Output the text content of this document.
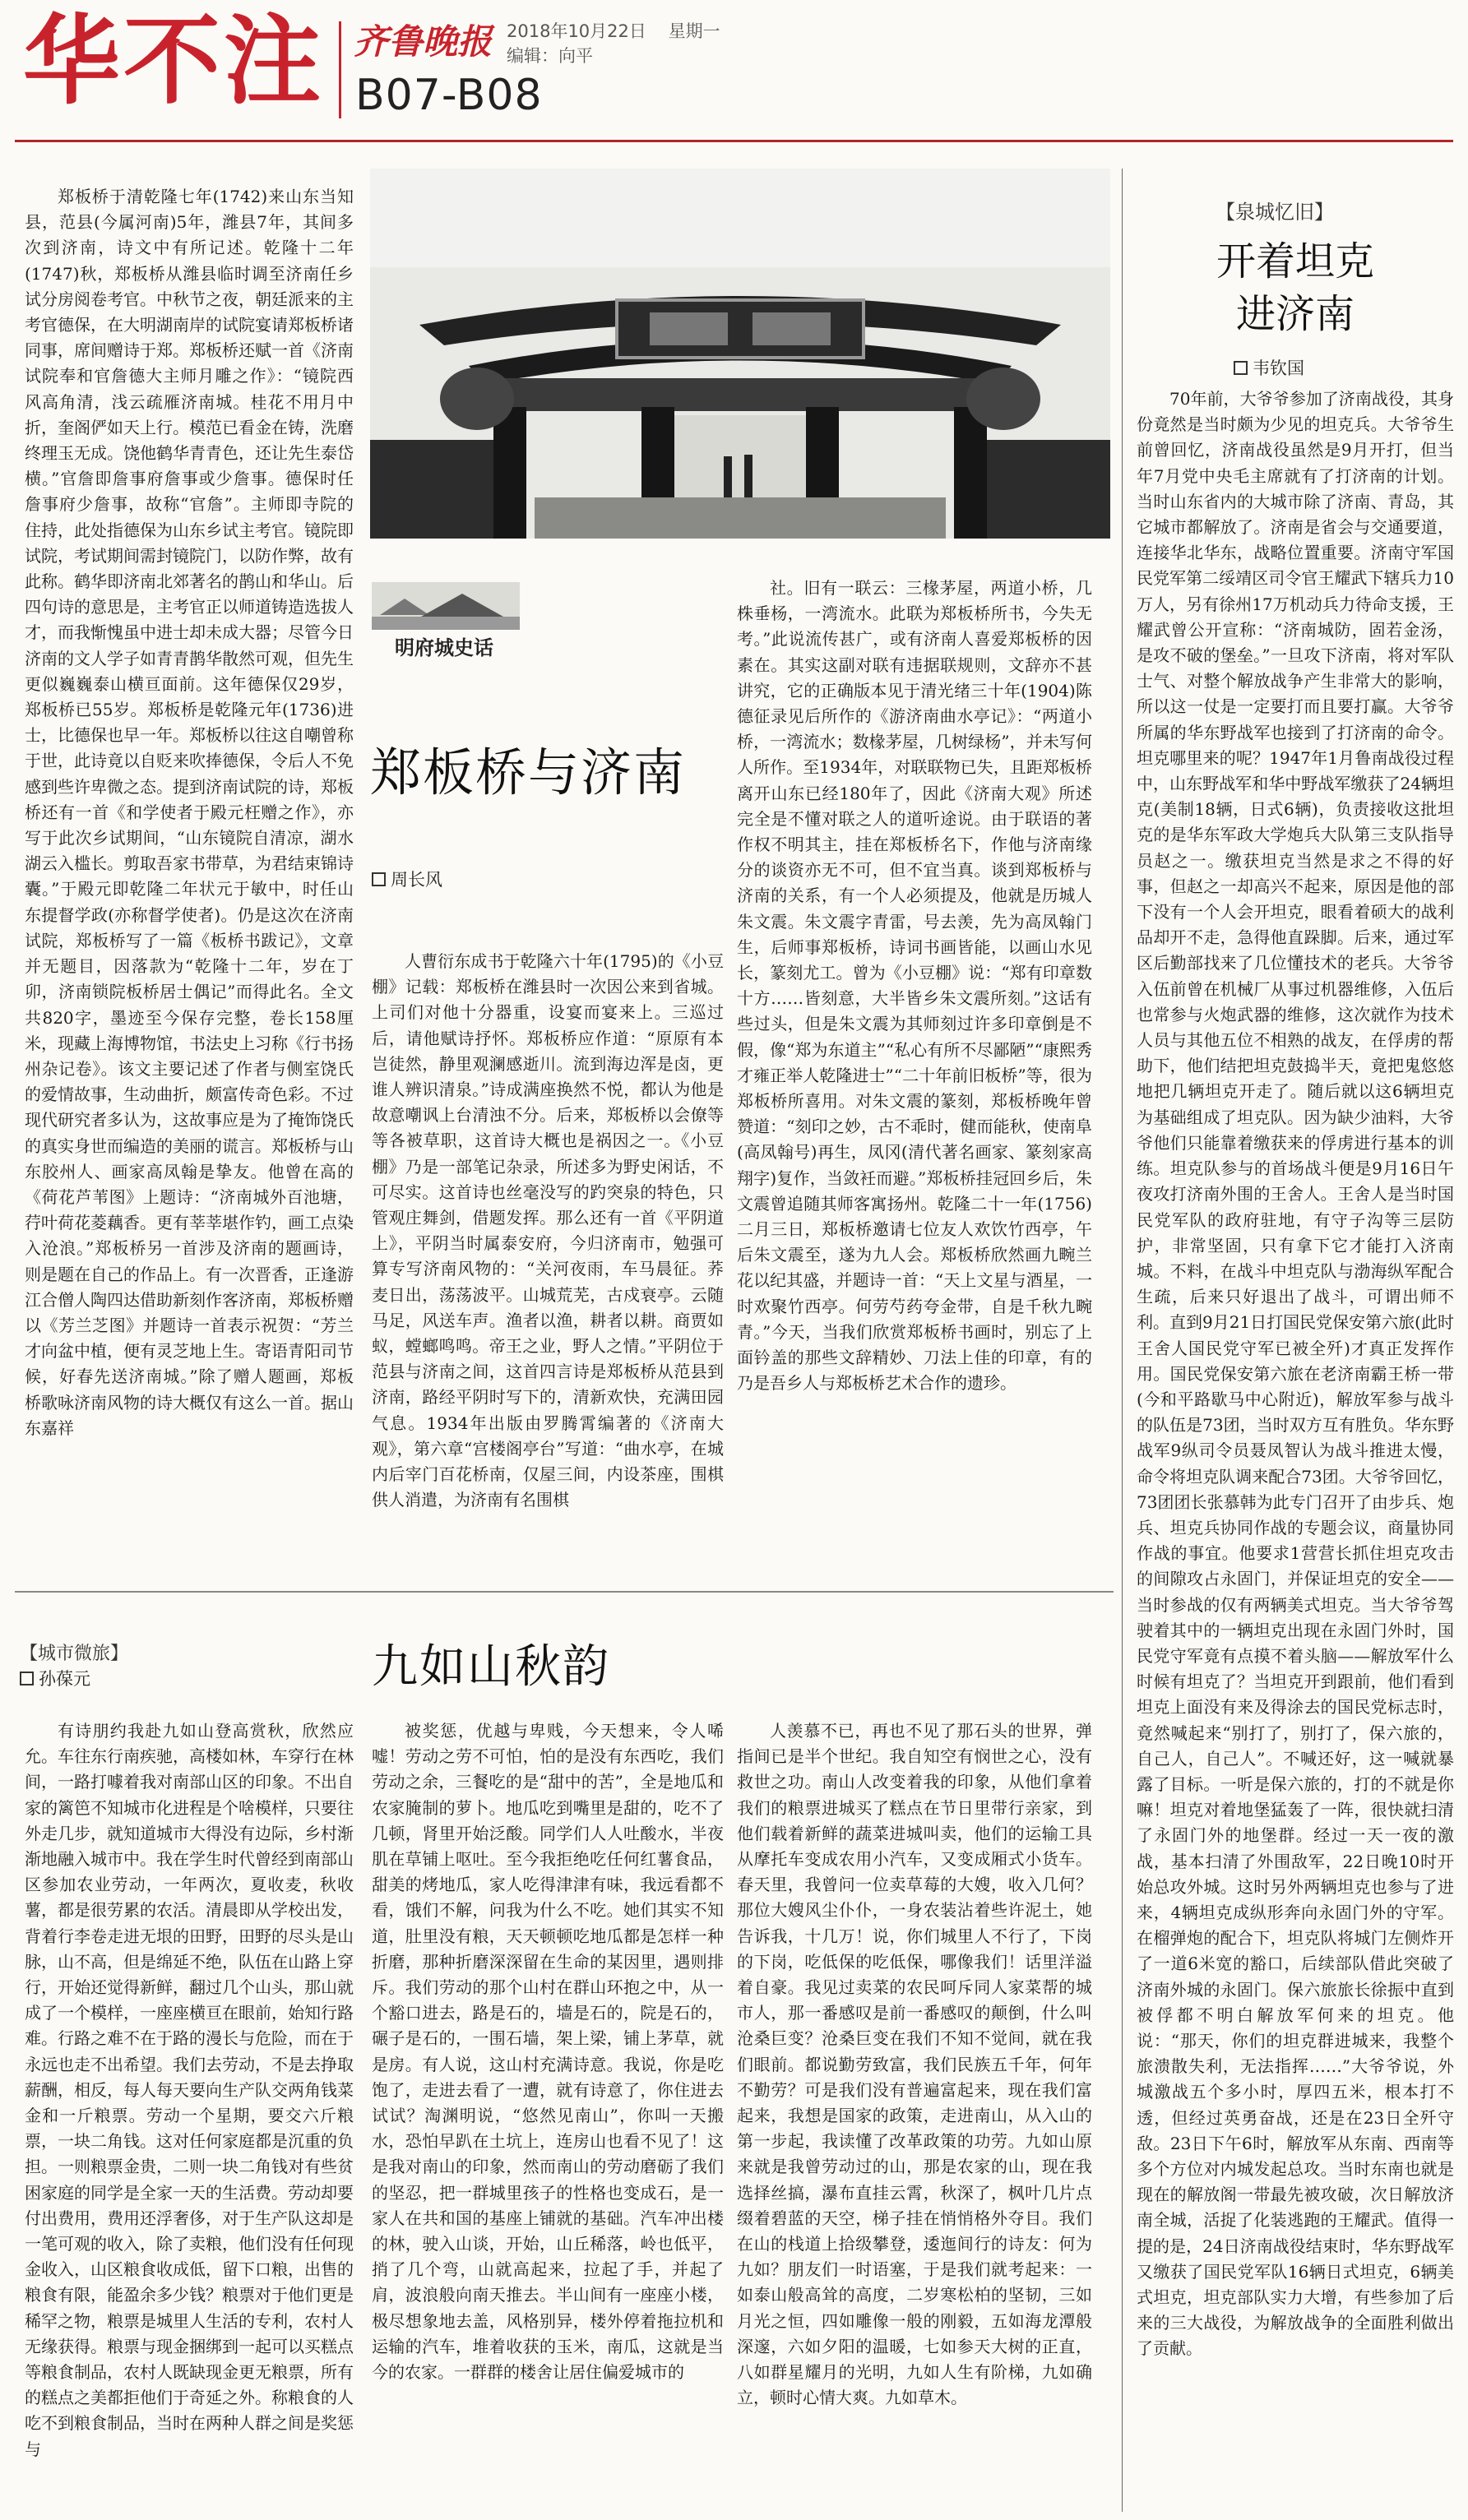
华不注 齐鲁晚报 2018年10月22日 星期一
编辑：向平
B07-B08
明府城史话
郑板桥与济南
周长风

郑板桥于清乾隆七年(1742)来山东当知县，范县(今属河南)5年，潍县7年，其间多次到济南，诗文中有所记述。乾隆十二年(1747)秋，郑板桥从潍县临时调至济南任乡试分房阅卷考官。中秋节之夜，朝廷派来的主考官德保，在大明湖南岸的试院宴请郑板桥诸同事，席间赠诗于郑。郑板桥还赋一首《济南试院奉和官詹德大主师月雕之作》：“镜院西风高角清，浅云疏雁济南城。桂花不用月中折，奎阁俨如天上行。模范已看金在铸，洗磨终理玉无成。饶他鹤华青青色，还让先生泰岱横。”官詹即詹事府詹事或少詹事。德保时任詹事府少詹事，故称“官詹”。主师即寺院的住持，此处指德保为山东乡试主考官。镜院即试院，考试期间需封镜院门，以防作弊，故有此称。鹤华即济南北郊著名的鹊山和华山。后四句诗的意思是，主考官正以师道铸造选拔人才，而我惭愧虽中进士却未成大器；尽管今日济南的文人学子如青青鹊华散然可观，但先生更似巍巍泰山横亘面前。这年德保仅29岁，郑板桥已55岁。郑板桥是乾隆元年(1736)进士，比德保也早一年。郑板桥以往这自嘲曾称于世，此诗竟以自贬来吹捧德保，令后人不免感到些许卑微之态。提到济南试院的诗，郑板桥还有一首《和学使者于殿元枉赠之作》，亦写于此次乡试期间，“山东镜院自清凉，湖水湖云入槛长。剪取吾家书带草，为君结束锦诗囊。”于殿元即乾隆二年状元于敏中，时任山东提督学政(亦称督学使者)。仍是这次在济南试院，郑板桥写了一篇《板桥书跋记》，文章并无题目，因落款为“乾隆十二年，岁在丁卯，济南锁院板桥居士偶记”而得此名。全文共820字，墨迹至今保存完整，卷长158厘米，现藏上海博物馆，书法史上习称《行书扬州杂记卷》。该文主要记述了作者与侧室饶氏的爱情故事，生动曲折，颇富传奇色彩。不过现代研究者多认为，这故事应是为了掩饰饶氏的真实身世而编造的美丽的谎言。郑板桥与山东胶州人、画家高凤翰是挚友。他曾在高的《荷花芦苇图》上题诗：“济南城外百池塘，荇叶荷花菱藕香。更有莘莘堪作钓，画工点染入沧浪。”郑板桥另一首涉及济南的题画诗，则是题在自己的作品上。有一次晋香，正逢游江合僧人陶四达借助新刻作客济南，郑板桥赠以《芳兰芝图》并题诗一首表示祝贺：“芳兰才向盆中植，便有灵芝地上生。寄语青阳司节候，好春先送济南城。”除了赠人题画，郑板桥歌咏济南风物的诗大概仅有这么一首。据山东嘉祥

人曹衍东成书于乾隆六十年(1795)的《小豆棚》记载：郑板桥在潍县时一次因公来到省城。上司们对他十分器重，设宴而宴来上。三巡过后，请他赋诗抒怀。郑板桥应作道：“原原有本岂徒然，静里观澜感逝川。流到海边浑是卤，更谁人辨识清泉。”诗成满座换然不悦，都认为他是故意嘲讽上台清浊不分。后来，郑板桥以会僚等等各被草职，这首诗大概也是祸因之一。《小豆棚》乃是一部笔记杂录，所述多为野史闲话，不可尽实。这首诗也丝毫没写的趵突泉的特色，只管观庄舞剑，借题发挥。那么还有一首《平阴道上》，平阴当时属泰安府，今归济南市，勉强可算专写济南风物的：“关河夜雨，车马晨征。荞麦日出，荡荡波平。山城荒芜，古戍衰亭。云随马足，风送车声。渔者以渔，耕者以耕。商贾如蚁，螳螂鸣鸣。帝王之业，野人之情。”平阴位于范县与济南之间，这首四言诗是郑板桥从范县到济南，路经平阴时写下的，清新欢快，充满田园气息。1934年出版由罗腾霄编著的《济南大观》，第六章“宫楼阁亭台”写道：“曲水亭，在城内后宰门百花桥南，仅屋三间，内设茶座，围棋供人消遣，为济南有名围棋

社。旧有一联云：三椽茅屋，两道小桥，几株垂杨，一湾流水。此联为郑板桥所书，今失无考。”此说流传甚广，或有济南人喜爱郑板桥的因素在。其实这副对联有违据联规则，文辞亦不甚讲究，它的正确版本见于清光绪三十年(1904)陈德征录见后所作的《游济南曲水亭记》：“两道小桥，一湾流水；数椽茅屋，几树绿杨”，并未写何人所作。至1934年，对联联物已失，且距郑板桥离开山东已经180年了，因此《济南大观》所述完全是不懂对联之人的道听途说。由于联语的著作权不明其主，挂在郑板桥名下，作他与济南缘分的谈资亦无不可，但不宜当真。谈到郑板桥与济南的关系，有一个人必须提及，他就是历城人朱文震。朱文震字青雷，号去羡，先为高凤翰门生，后师事郑板桥，诗词书画皆能，以画山水见长，篆刻尤工。曾为《小豆棚》说：“郑有印章数十方……皆刻意，大半皆乡朱文震所刻。”这话有些过头，但是朱文震为其师刻过许多印章倒是不假，像“郑为东道主”“私心有所不尽鄙陋”“康熙秀才雍正举人乾隆进士”“二十年前旧板桥”等，很为郑板桥所喜用。对朱文震的篆刻，郑板桥晚年曾赞道：“刻印之妙，古不乖时，健而能秋，使南阜(高凤翰号)再生，凤冈(清代著名画家、篆刻家高翔字)复作，当敛衽而避。”郑板桥挂冠回乡后，朱文震曾追随其师客寓扬州。乾隆二十一年(1756)二月三日，郑板桥邀请七位友人欢饮竹西亭，午后朱文震至，遂为九人会。郑板桥欣然画九畹兰花以纪其盛，并题诗一首：“天上文星与酒星，一时欢聚竹西亭。何劳芍药夸金带，自是千秋九畹青。”今天，当我们欣赏郑板桥书画时，别忘了上面钤盖的那些文辞精妙、刀法上佳的印章，有的乃是吾乡人与郑板桥艺术合作的遗珍。

【泉城忆旧】
开着坦克
进济南
韦钦国

70年前，大爷爷参加了济南战役，其身份竟然是当时颇为少见的坦克兵。大爷爷生前曾回忆，济南战役虽然是9月开打，但当年7月党中央毛主席就有了打济南的计划。当时山东省内的大城市除了济南、青岛，其它城市都解放了。济南是省会与交通要道，连接华北华东，战略位置重要。济南守军国民党军第二绥靖区司令官王耀武下辖兵力10万人，另有徐州17万机动兵力待命支援，王耀武曾公开宣称：“济南城防，固若金汤，是攻不破的堡垒。”一旦攻下济南，将对军队士气、对整个解放战争产生非常大的影响，所以这一仗是一定要打而且要打赢。大爷爷所属的华东野战军也接到了打济南的命令。坦克哪里来的呢？1947年1月鲁南战役过程中，山东野战军和华中野战军缴获了24辆坦克(美制18辆，日式6辆)，负责接收这批坦克的是华东军政大学炮兵大队第三支队指导员赵之一。缴获坦克当然是求之不得的好事，但赵之一却高兴不起来，原因是他的部下没有一个人会开坦克，眼看着硕大的战利品却开不走，急得他直跺脚。后来，通过军区后勤部找来了几位懂技术的老兵。大爷爷入伍前曾在机械厂从事过机器维修，入伍后也常参与火炮武器的维修，这次就作为技术人员与其他五位不相熟的战友，在俘虏的帮助下，他们结把坦克鼓捣半天，竟把鬼悠悠地把几辆坦克开走了。随后就以这6辆坦克为基础组成了坦克队。因为缺少油料，大爷爷他们只能靠着缴获来的俘虏进行基本的训练。坦克队参与的首场战斗便是9月16日午夜攻打济南外围的王舍人。王舍人是当时国民党军队的政府驻地，有守子沟等三层防护，非常坚固，只有拿下它才能打入济南城。不料，在战斗中坦克队与渤海纵军配合生疏，后来只好退出了战斗，可谓出师不利。直到9月21日打国民党保安第六旅(此时王舍人国民党守军已被全歼)才真正发挥作用。国民党保安第六旅在老济南霸王桥一带(今和平路歇马中心附近)，解放军参与战斗的队伍是73团，当时双方互有胜负。华东野战军9纵司令员聂凤智认为战斗推进太慢，命令将坦克队调来配合73团。大爷爷回忆，73团团长张慕韩为此专门召开了由步兵、炮兵、坦克兵协同作战的专题会议，商量协同作战的事宜。他要求1营营长抓住坦克攻击的间隙攻占永固门，并保证坦克的安全——当时参战的仅有两辆美式坦克。当大爷爷驾驶着其中的一辆坦克出现在永固门外时，国民党守军竟有点摸不着头脑——解放军什么时候有坦克了？当坦克开到跟前，他们看到坦克上面没有来及得涂去的国民党标志时，竟然喊起来“别打了，别打了，保六旅的，自己人，自己人”。不喊还好，这一喊就暴露了目标。一听是保六旅的，打的不就是你嘛！坦克对着地堡猛轰了一阵，很快就扫清了永固门外的地堡群。经过一天一夜的激战，基本扫清了外围敌军，22日晚10时开始总攻外城。这时另外两辆坦克也参与了进来，4辆坦克成纵形奔向永固门外的守军。在榴弹炮的配合下，坦克队将城门左侧炸开了一道6米宽的豁口，后续部队借此突破了济南外城的永固门。保六旅旅长徐振中直到被俘都不明白解放军何来的坦克。他说：“那天，你们的坦克群进城来，我整个旅溃散失利，无法指挥……”大爷爷说，外城激战五个多小时，厚四五米，根本打不透，但经过英勇奋战，还是在23日全歼守敌。23日下午6时，解放军从东南、西南等多个方位对内城发起总攻。当时东南也就是现在的解放阁一带最先被攻破，次日解放济南全城，活捉了化装逃跑的王耀武。值得一提的是，24日济南战役结束时，华东野战军又缴获了国民党军队16辆日式坦克，6辆美式坦克，坦克部队实力大增，有些参加了后来的三大战役，为解放战争的全面胜利做出了贡献。

【城市微旅】
孙葆元	九如山秋韵

有诗朋约我赴九如山登高赏秋，欣然应允。车往东行南疾驰，高楼如林，车穿行在林间，一路打噱着我对南部山区的印象。不出自家的篱笆不知城市化进程是个啥模样，只要往外走几步，就知道城市大得没有边际，乡村渐渐地融入城市中。我在学生时代曾经到南部山区参加农业劳动，一年两次，夏收麦，秋收薯，都是很劳累的农活。清晨即从学校出发，背着行李卷走进无垠的田野，田野的尽头是山脉，山不高，但是绵延不绝，队伍在山路上穿行，开始还觉得新鲜，翻过几个山头，那山就成了一个模样，一座座横亘在眼前，始知行路难。行路之难不在于路的漫长与危险，而在于永远也走不出希望。我们去劳动，不是去挣取薪酬，相反，每人每天要向生产队交两角钱菜金和一斤粮票。劳动一个星期，要交六斤粮票，一块二角钱。这对任何家庭都是沉重的负担。一则粮票金贵，二则一块二角钱对有些贫困家庭的同学是全家一天的生活费。劳动却要付出费用，费用还浮奢侈，对于生产队这却是一笔可观的收入，除了卖粮，他们没有任何现金收入，山区粮食收成低，留下口粮，出售的粮食有限，能盈余多少钱？粮票对于他们更是稀罕之物，粮票是城里人生活的专利，农村人无缘获得。粮票与现金捆绑到一起可以买糕点等粮食制品，农村人既缺现金更无粮票，所有的糕点之美都拒他们于奇延之外。称粮食的人吃不到粮食制品，当时在两种人群之间是奖惩与

被奖惩，优越与卑贱，今天想来，令人唏嘘！劳动之劳不可怕，怕的是没有东西吃，我们劳动之余，三餐吃的是“甜中的苦”，全是地瓜和农家腌制的萝卜。地瓜吃到嘴里是甜的，吃不了几顿，肾里开始泛酸。同学们人人吐酸水，半夜肌在草铺上呕吐。至今我拒绝吃任何红薯食品，甜美的烤地瓜，家人吃得津津有味，我远看都不看，饿们不解，问我为什么不吃。她们其实不知道，肚里没有粮，天天顿顿吃地瓜都是怎样一种折磨，那种折磨深深留在生命的某因里，遇则排斥。我们劳动的那个山村在群山环抱之中，从一个豁口进去，路是石的，墙是石的，院是石的，碾子是石的，一围石墙，架上梁，铺上茅草，就是房。有人说，这山村充满诗意。我说，你是吃饱了，走进去看了一遭，就有诗意了，你住进去试试？淘渊明说，“悠然见南山”，你叫一天搬水，恐怕早趴在土坑上，连房山也看不见了！这是我对南山的印象，然而南山的劳动磨砺了我们的坚忍，把一群城里孩子的性格也变成石，是一家人在共和国的基座上铺就的基础。汽车冲出楼的林，驶入山谈，开始，山丘稀落，岭也低平，捎了几个弯，山就高起来，拉起了手，并起了肩，波浪般向南天推去。半山间有一座座小楼，极尽想象地去盖，风格别异，楼外停着拖拉机和运输的汽车，堆着收获的玉米，南瓜，这就是当今的农家。一群群的楼舍让居住偏爱城市的

人羡慕不已，再也不见了那石头的世界，弹指间已是半个世纪。我自知空有悯世之心，没有救世之功。南山人改变着我的印象，从他们拿着我们的粮票进城买了糕点在节日里带行亲家，到他们载着新鲜的蔬菜进城叫卖，他们的运输工具从摩托车变成农用小汽车，又变成厢式小货车。春天里，我曾问一位卖草莓的大嫂，收入几何？那位大嫂风尘仆仆，一身农装沾着些许泥土，她告诉我，十几万！说，你们城里人不行了，下岗的下岗，吃低保的吃低保，哪像我们！话里洋溢着自豪。我见过卖菜的农民呵斥同人家菜帮的城市人，那一番感叹是前一番感叹的颠倒，什么叫沧桑巨变？沧桑巨变在我们不知不觉间，就在我们眼前。都说勤劳致富，我们民族五千年，何年不勤劳？可是我们没有普遍富起来，现在我们富起来，我想是国家的政策，走进南山，从入山的第一步起，我读懂了改革政策的功劳。九如山原来就是我曾劳动过的山，那是农家的山，现在我选择丝搞，瀑布直挂云霄，秋深了，枫叶几片点缀着碧蓝的天空，梯子挂在悄悄格外夺目。我们在山的栈道上拾级攀登，逶迤间行的诗友：何为九如？朋友们一时语塞，于是我们就考起来：一如泰山般高耸的高度，二岁寒松柏的坚韧，三如月光之恒，四如雕像一般的刚毅，五如海龙潭般深邃，六如夕阳的温暖，七如参天大树的正直，八如群星耀月的光明，九如人生有阶梯，九如确立，顿时心情大爽。九如草木。
